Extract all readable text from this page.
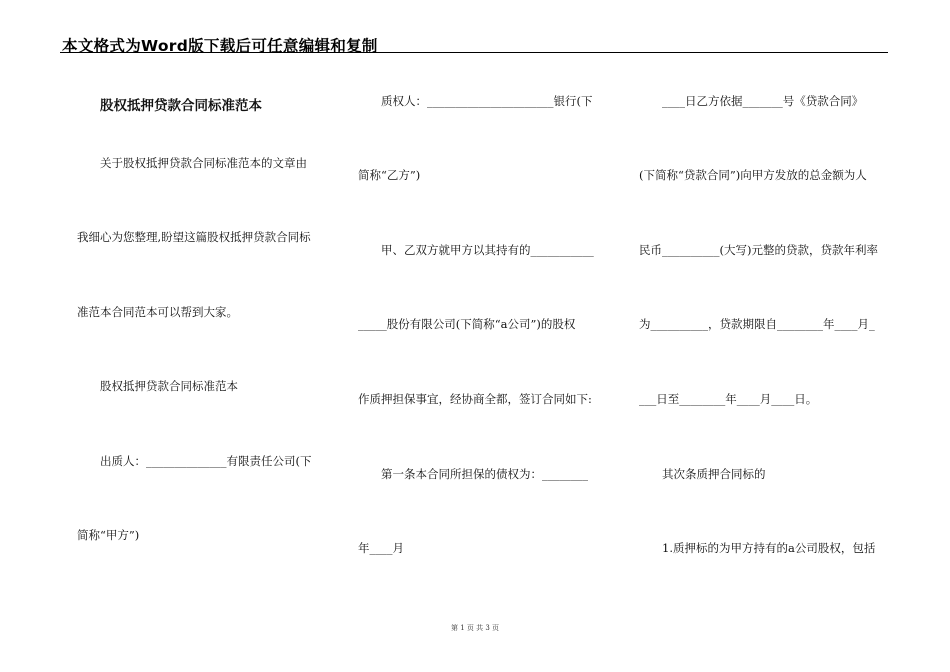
本文格式为Word版下载后可任意编辑和复制
股权抵押贷款合同标准范本
关于股权抵押贷款合同标准范本的文章由
我细心为您整理,盼望这篇股权抵押贷款合同标
准范本合同范本可以帮到大家。
股权抵押贷款合同标准范本
出质人：______________有限责任公司(下
简称“甲方”)
质权人：______________________银行(下
简称“乙方”)
甲、乙双方就甲方以其持有的___________
_____股份有限公司(下简称“a公司”)的股权
作质押担保事宜，经协商全都，签订合同如下:
第一条本合同所担保的债权为：________
年____月
____日乙方依据_______号《贷款合同》
(下简称“贷款合同”)向甲方发放的总金额为人
民币__________(大写)元整的贷款，贷款年利率
为__________，贷款期限自________年____月_
___日至________年____月____日。
其次条质押合同标的
1.质押标的为甲方持有的a公司股权，包括
第 1 页 共 3 页
